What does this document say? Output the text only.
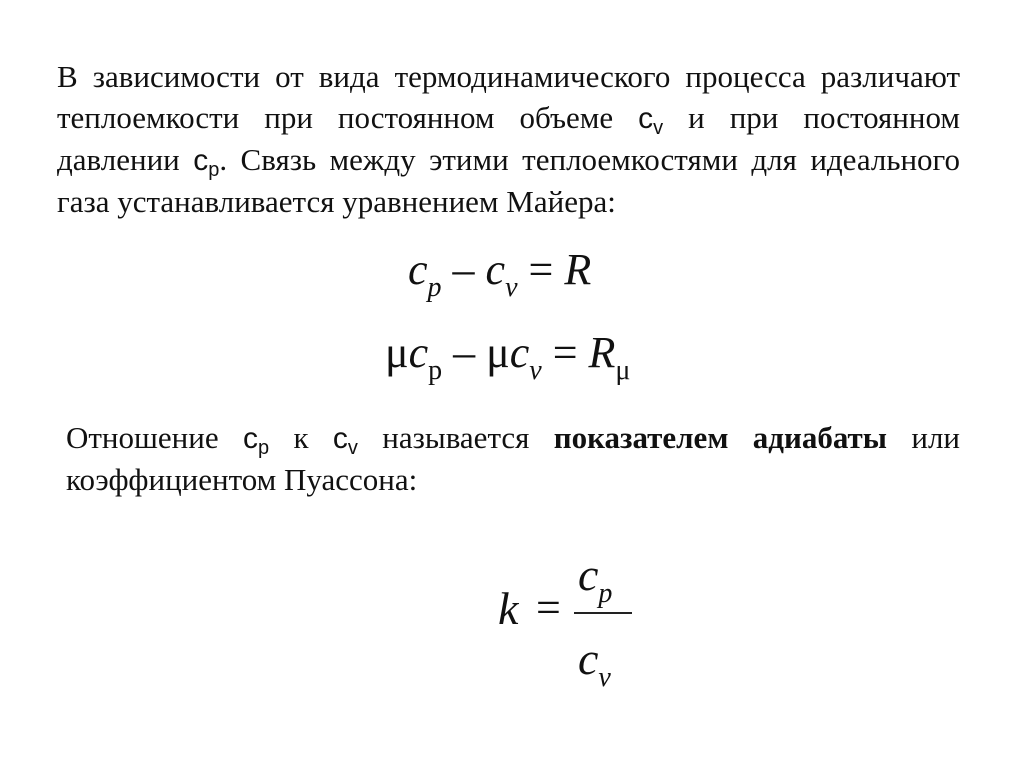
В зависимости от вида термодинамического процесса различают теплоемкости при постоянном объеме $c_v$ и при постоянном давлении $c_p$. Связь между этими теплоемкостями для идеального газа устанавливается уравнением Майера:

$c_p - c_v = R$
$\mu c_p - \mu c_v = R_\mu$

Отношение $c_p$ к $c_v$ называется показателем адиабаты или коэффициентом Пуассона:

k =
$c_p$
$c_v$
